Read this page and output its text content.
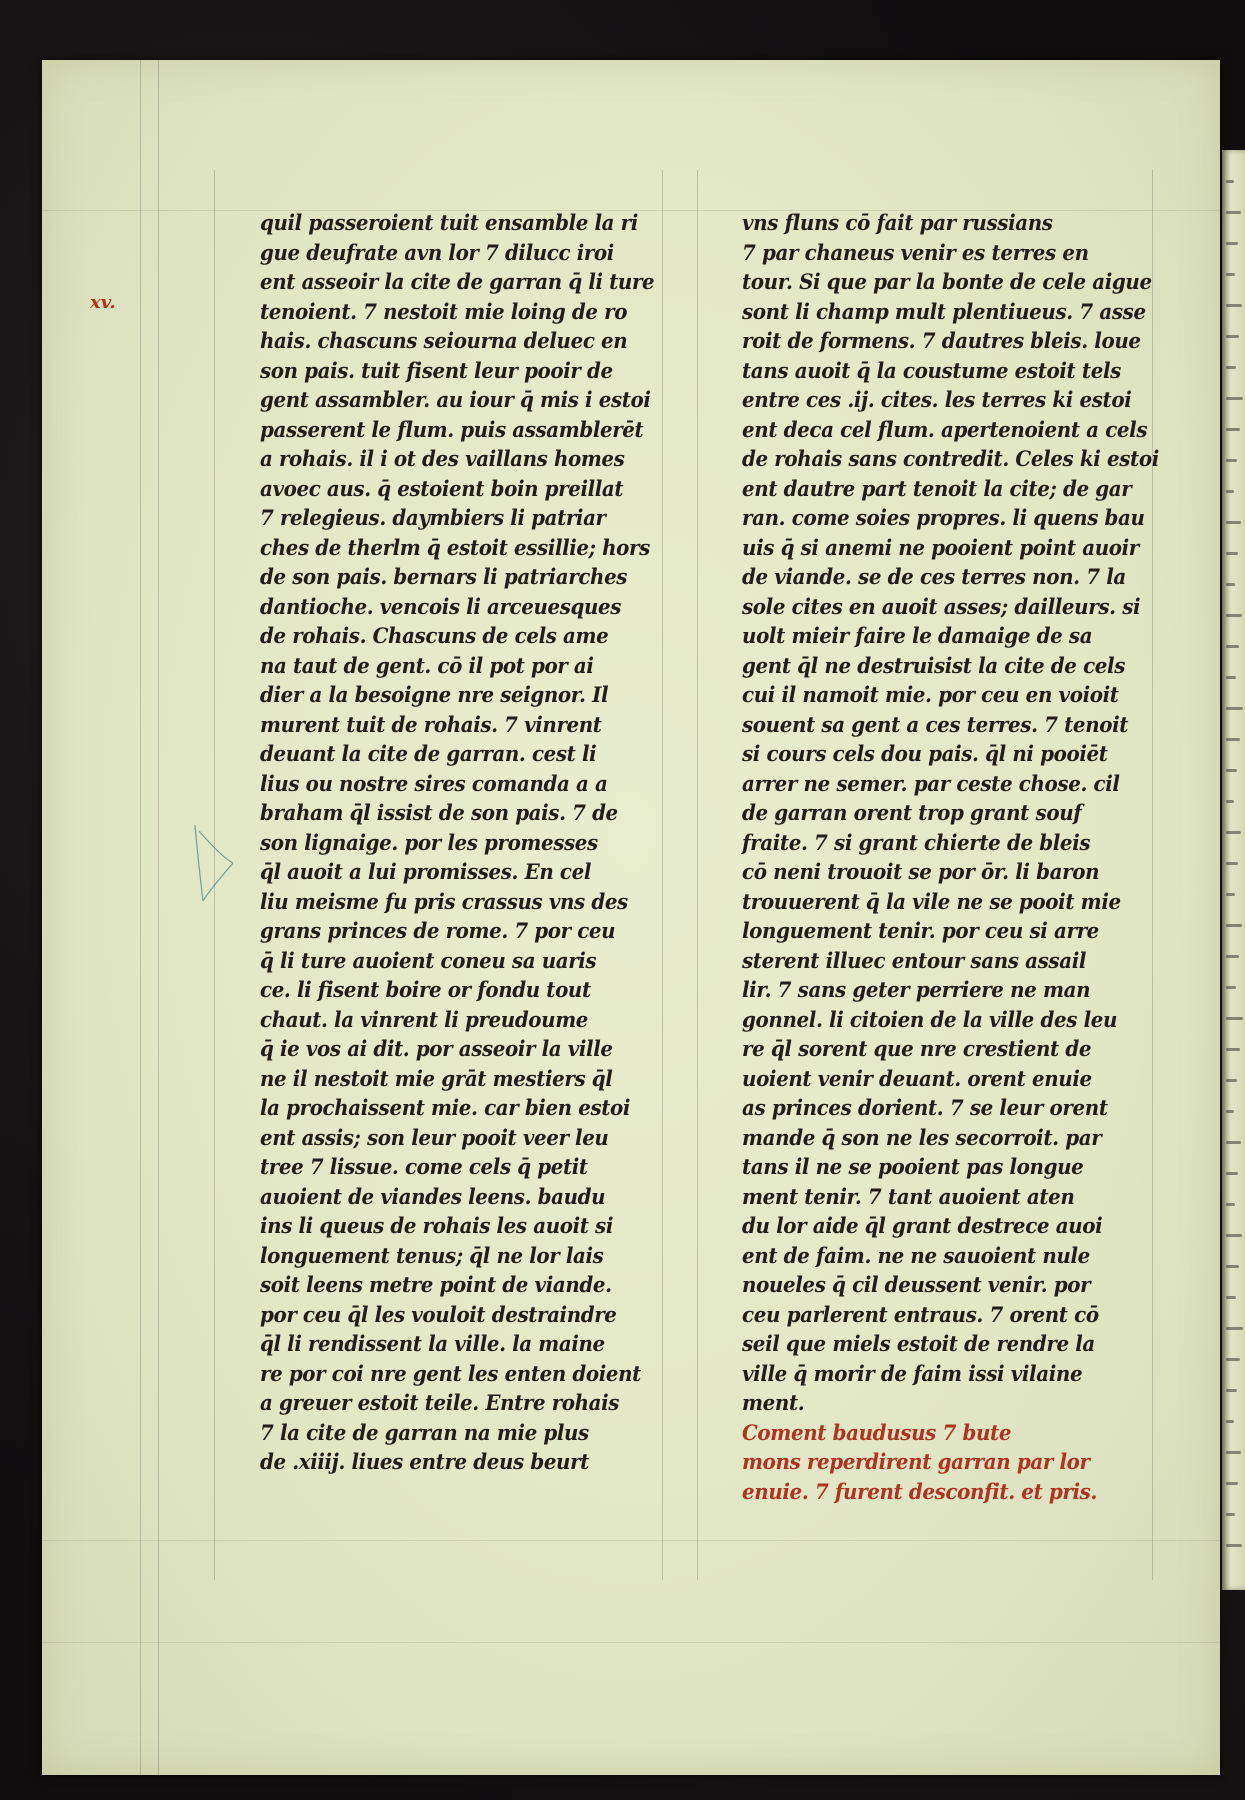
xv.
quil passeroient tuit ensamble la ri
gue deufrate avn lor 7 dilucc iroi
ent asseoir la cite de garran q̄ li ture
tenoient. 7 nestoit mie loing de ro
hais. chascuns seiourna deluec en
son pais. tuit fisent leur pooir de
gent assambler. au iour q̄ mis i estoi
passerent le flum. puis assamblerēt
a rohais. il i ot des vaillans homes
avoec aus. q̄ estoient boin preillat
7 relegieus. daymbiers li patriar
ches de therlm q̄ estoit essillie; hors
de son pais. bernars li patriarches
dantioche. vencois li arceuesques
de rohais. Chascuns de cels ame
na taut de gent. cō il pot por ai
dier a la besoigne nre seignor. Il
murent tuit de rohais. 7 vinrent
deuant la cite de garran. cest li
lius ou nostre sires comanda a a
braham q̄l issist de son pais. 7 de
son lignaige. por les promesses
q̄l auoit a lui promisses. En cel
liu meisme fu pris crassus vns des
grans princes de rome. 7 por ceu
q̄ li ture auoient coneu sa uaris
ce. li fisent boire or fondu tout
chaut. la vinrent li preudoume
q̄ ie vos ai dit. por asseoir la ville
ne il nestoit mie grāt mestiers q̄l
la prochaissent mie. car bien estoi
ent assis; son leur pooit veer leu
tree 7 lissue. come cels q̄ petit
auoient de viandes leens. baudu
ins li queus de rohais les auoit si
longuement tenus; q̄l ne lor lais
soit leens metre point de viande.
por ceu q̄l les vouloit destraindre
q̄l li rendissent la ville. la maine
re por coi nre gent les enten doient
a greuer estoit teile. Entre rohais
7 la cite de garran na mie plus
de .xiiij. liues entre deus beurt
vns fluns cō fait par russians
7 par chaneus venir es terres en
tour. Si que par la bonte de cele aigue
sont li champ mult plentiueus. 7 asse
roit de formens. 7 dautres bleis. loue
tans auoit q̄ la coustume estoit tels
entre ces .ij. cites. les terres ki estoi
ent deca cel flum. apertenoient a cels
de rohais sans contredit. Celes ki estoi
ent dautre part tenoit la cite; de gar
ran. come soies propres. li quens bau
uis q̄ si anemi ne pooient point auoir
de viande. se de ces terres non. 7 la
sole cites en auoit asses; dailleurs. si
uolt mieir faire le damaige de sa
gent q̄l ne destruisist la cite de cels
cui il namoit mie. por ceu en voioit
souent sa gent a ces terres. 7 tenoit
si cours cels dou pais. q̄l ni pooiēt
arrer ne semer. par ceste chose. cil
de garran orent trop grant souf
fraite. 7 si grant chierte de bleis
cō neni trouoit se por ōr. li baron
trouuerent q̄ la vile ne se pooit mie
longuement tenir. por ceu si arre
sterent illuec entour sans assail
lir. 7 sans geter perriere ne man
gonnel. li citoien de la ville des leu
re q̄l sorent que nre crestient de
uoient venir deuant. orent enuie
as princes dorient. 7 se leur orent
mande q̄ son ne les secorroit. par
tans il ne se pooient pas longue
ment tenir. 7 tant auoient aten
du lor aide q̄l grant destrece auoi
ent de faim. ne ne sauoient nule
noueles q̄ cil deussent venir. por
ceu parlerent entraus. 7 orent cō
seil que miels estoit de rendre la
ville q̄ morir de faim issi vilaine
ment.
Coment baudusus 7 bute
mons reperdirent garran par lor
enuie. 7 furent desconfit. et pris.
